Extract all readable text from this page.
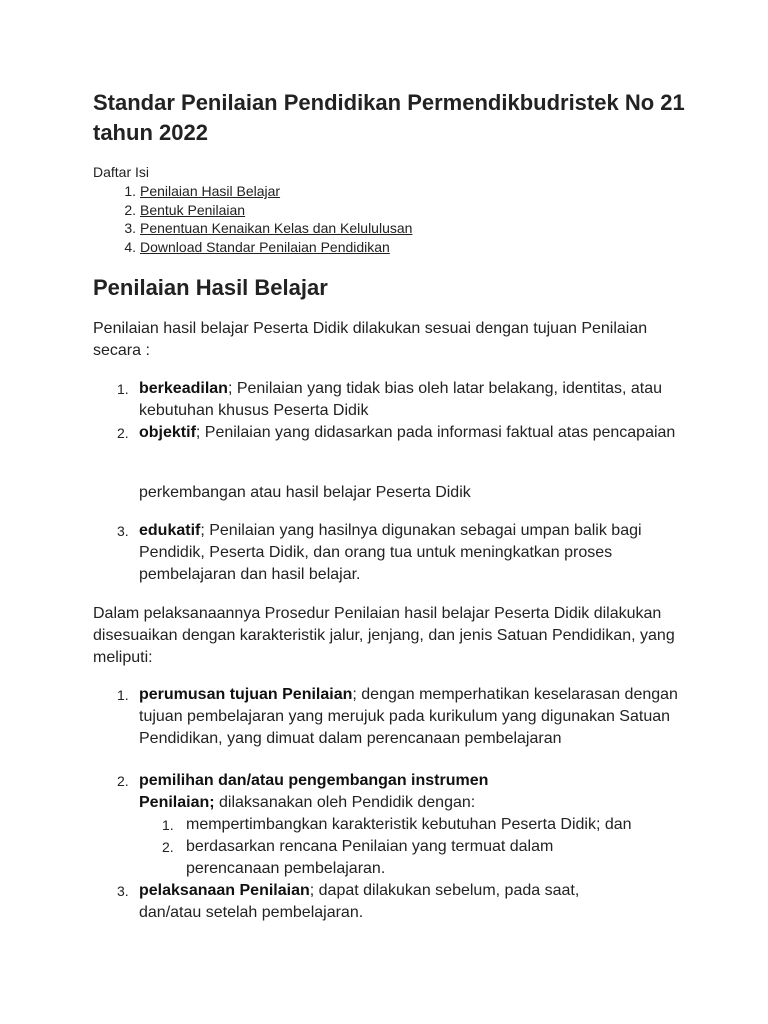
Standar Penilaian Pendidikan Permendikbudristek No 21 tahun 2022
Daftar Isi
1. Penilaian Hasil Belajar
2. Bentuk Penilaian
3. Penentuan Kenaikan Kelas dan Kelululusan
4. Download Standar Penilaian Pendidikan
Penilaian Hasil Belajar

Penilaian hasil belajar Peserta Didik dilakukan sesuai dengan tujuan Penilaian secara :

1. berkeadilan; Penilaian yang tidak bias oleh latar belakang, identitas, atau kebutuhan khusus Peserta Didik

2. objektif; Penilaian yang didasarkan pada informasi faktual atas pencapaian

perkembangan atau hasil belajar Peserta Didik

3. edukatif; Penilaian yang hasilnya digunakan sebagai umpan balik bagi Pendidik, Peserta Didik, dan orang tua untuk meningkatkan proses pembelajaran dan hasil belajar.

Dalam pelaksanaannya Prosedur Penilaian hasil belajar Peserta Didik dilakukan disesuaikan dengan karakteristik jalur, jenjang, dan jenis Satuan Pendidikan, yang meliputi:

1. perumusan tujuan Penilaian; dengan memperhatikan keselarasan dengan tujuan pembelajaran yang merujuk pada kurikulum yang digunakan Satuan Pendidikan, yang dimuat dalam perencanaan pembelajaran

2. pemilihan dan/atau pengembangan instrumen Penilaian; dilaksanakan oleh Pendidik dengan:

1. mempertimbangkan karakteristik kebutuhan Peserta Didik; dan

2. berdasarkan rencana Penilaian yang termuat dalam perencanaan pembelajaran.

3. pelaksanaan Penilaian; dapat dilakukan sebelum, pada saat, dan/atau setelah pembelajaran.
